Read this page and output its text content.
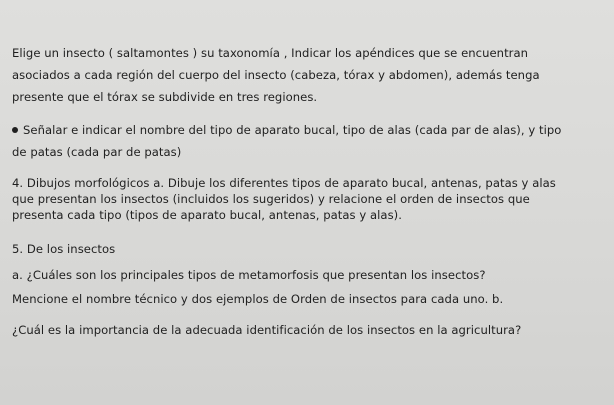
Elige un insecto ( saltamontes ) su taxonomía , Indicar los apéndices que se encuentran

asociados a cada región del cuerpo del insecto (cabeza, tórax y abdomen), además tenga

presente que el tórax se subdivide en tres regiones.

Señalar e indicar el nombre del tipo de aparato bucal, tipo de alas (cada par de alas), y tipo

de patas (cada par de patas)

4. Dibujos morfológicos a. Dibuje los diferentes tipos de aparato bucal, antenas, patas y alas

que presentan los insectos (incluidos los sugeridos) y relacione el orden de insectos que

presenta cada tipo (tipos de aparato bucal, antenas, patas y alas).

5. De los insectos

a. ¿Cuáles son los principales tipos de metamorfosis que presentan los insectos?

Mencione el nombre técnico y dos ejemplos de Orden de insectos para cada uno. b.

¿Cuál es la importancia de la adecuada identificación de los insectos en la agricultura?
